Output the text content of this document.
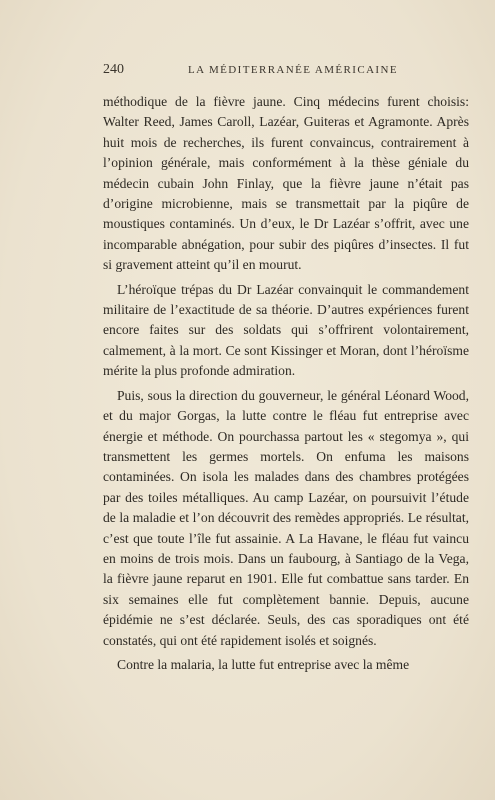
240	LA MÉDITERRANÉE AMÉRICAINE

méthodique de la fièvre jaune. Cinq médecins furent choisis: Walter Reed, James Caroll, Lazéar, Guiteras et Agramonte. Après huit mois de recherches, ils furent convaincus, contrairement à l’opinion générale, mais conformément à la thèse géniale du médecin cubain John Finlay, que la fièvre jaune n’était pas d’origine microbienne, mais se transmettait par la piqûre de moustiques contaminés. Un d’eux, le Dr Lazéar s’offrit, avec une incomparable abnégation, pour subir des piqûres d’insectes. Il fut si gravement atteint qu’il en mourut.

L’héroïque trépas du Dr Lazéar convainquit le commandement militaire de l’exactitude de sa théorie. D’autres expériences furent encore faites sur des soldats qui s’offrirent volontairement, calmement, à la mort. Ce sont Kissinger et Moran, dont l’héroïsme mérite la plus profonde admiration.

Puis, sous la direction du gouverneur, le général Léonard Wood, et du major Gorgas, la lutte contre le fléau fut entreprise avec énergie et méthode. On pourchassa partout les « stegomya », qui transmettent les germes mortels. On enfuma les maisons contaminées. On isola les malades dans des chambres protégées par des toiles métalliques. Au camp Lazéar, on poursuivit l’étude de la maladie et l’on découvrit des remèdes appropriés. Le résultat, c’est que toute l’île fut assainie. A La Havane, le fléau fut vaincu en moins de trois mois. Dans un faubourg, à Santiago de la Vega, la fièvre jaune reparut en 1901. Elle fut combattue sans tarder. En six semaines elle fut complètement bannie. Depuis, aucune épidémie ne s’est déclarée. Seuls, des cas sporadiques ont été constatés, qui ont été rapidement isolés et soignés.

Contre la malaria, la lutte fut entreprise avec la même
